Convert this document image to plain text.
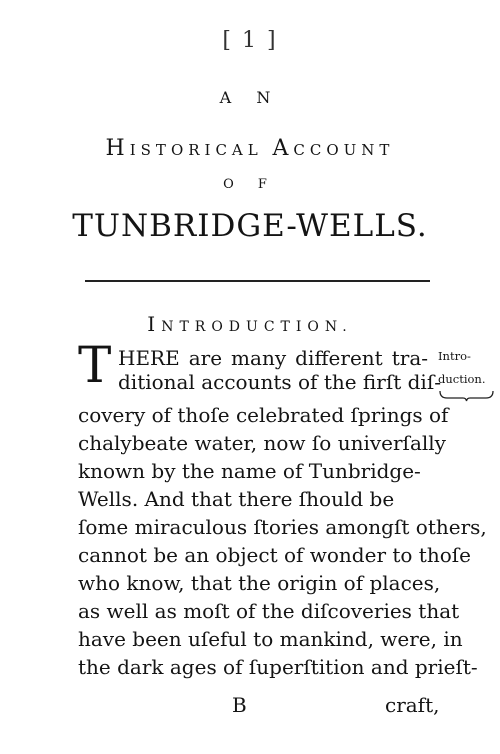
[ 1 ]
A N
HISTORICAL ACCOUNT
O F
TUNBRIDGE-WELLS.
INTRODUCTION.
T HERE are many different tra-
ditional accounts of the firſt diſ-
covery of thoſe celebrated ſprings of
chalybeate water, now ſo univerſally
known by the name of Tunbridge-
Wells. And that there ſhould be
ſome miraculous ſtories amongſt others,
cannot be an object of wonder to thoſe
who know, that the origin of places,
as well as moſt of the diſcoveries that
have been uſeful to mankind, were, in
the dark ages of ſuperſtition and prieſt-
Intro-
duction.
B	craft,
